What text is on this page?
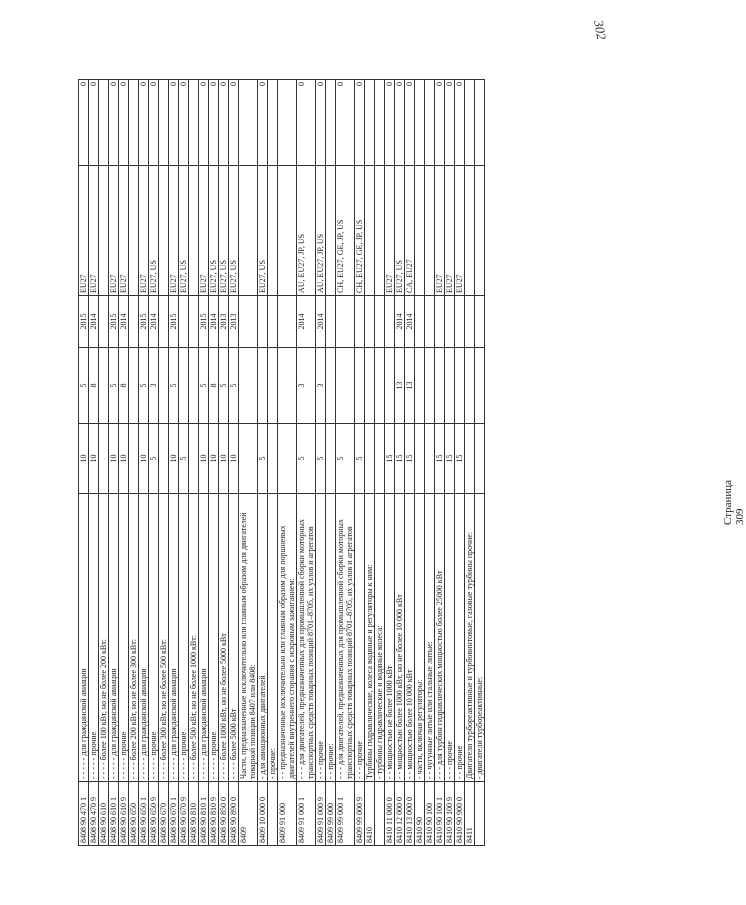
302
8408 90 470 1	- - - - - для гражданской авиации	10	5	2015	EU27	0
8408 90 470 9	- - - - - прочие	10	8	2014	EU27	0
8408 90 610	- - - - более 100 кВт, но не более 200 кВт:					
8408 90 610 1	- - - - - для гражданской авиации	10	5	2015	EU27	0
8408 90 610 9	- - - - - прочие	10	8	2014	EU27	0
8408 90 650	- - - - более 200 кВт, но не более 300 кВт:					
8408 90 650 1	- - - - - для гражданской авиации	10	5	2015	EU27	0
8408 90 650 9	- - - - - прочие	5	3	2014	EU27, US	0
8408 90 670	- - - - более 300 кВт, но не более 500 кВт:					
8408 90 670 1	- - - - - для гражданской авиации	10	5	2015	EU27	0
8408 90 670 9	- - - - - прочие	5			EU27, US	0
8408 90 810	- - - - более 500 кВт, но не более 1000 кВт:					
8408 90 810 1	- - - - - для гражданской авиации	10	5	2015	EU27	0
8408 90 810 9	- - - - - прочие	10	8	2014	EU27, US	0
8408 90 850 0	- - - - более 1000 кВт, но не более 5000 кВт	10	5	2013	EU27, US	0
8408 90 890 0	- - - - более 5000 кВт	10	5	2013	EU27, US	0
8409	Части, предназначенные исключительно или главным образом для двигателей товарной позиции 8407 или 8408:					
8409 10 000 0	- для авиационных двигателей	5			EU27, US	0
	- прочие:					
8409 91 000	- - предназначенные исключительно или главным образом для поршневых двигателей внутреннего сгорания с искровым зажиганием:					
8409 91 000 1	- - - для двигателей, предназначенных для промышленной сборки моторных транспортных средств товарных позиций 8701–8705, их узлов и агрегатов	5	3	2014	AU, EU27, JP, US	0
8409 91 000 9	- - - прочие	5	3	2014	AU, EU27, JP, US	0
8409 99 000	- - прочие:					
8409 99 000 1	- - - для двигателей, предназначенных для промышленной сборки моторных транспортных средств товарных позиций 8701–8705, их узлов и агрегатов	5			CH, EU27, GE, JP, US	0
8409 99 000 9	- - - прочие	5			CH, EU27, GE, JP, US	0
8410	Турбины гидравлические, колеса водяные и регуляторы к ним:					
	- турбины гидравлические и водяные колеса:					
8410 11 000 0	- - мощностью не более 1000 кВт	15			EU27	0
8410 12 000 0	- - мощностью более 1000 кВт, но не более 10 000 кВт	15	13	2014	EU27, US	0
8410 13 000 0	- - мощностью более 10 000 кВт	15	13	2014	CA, EU27	0
8410 90	- части, включая регуляторы:					
8410 90 100	- - чугунные литые или стальные литые:					
8410 90 100 1	- - - для турбин гидравлических мощностью более 25000 кВт	15			EU27	0
8410 90 100 9	- - - прочие	15			EU27	0
8410 90 900 0	- - прочие	15			EU27	0
8411	Двигатели турбореактивные и турбовинтовые, газовые турбины прочие:					
	- двигатели турбореактивные:					
Страница 309
